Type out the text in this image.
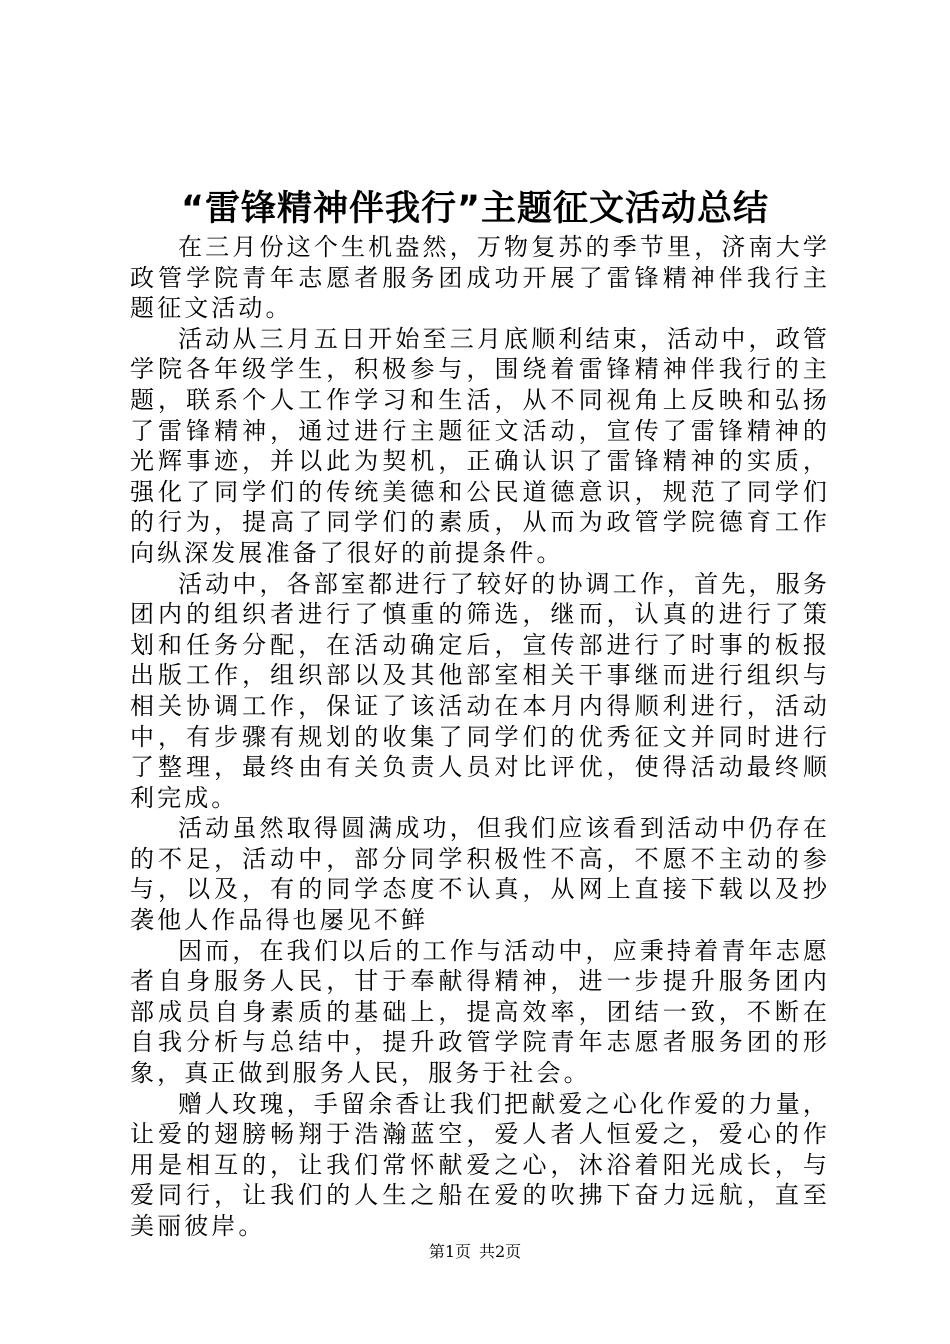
“雷锋精神伴我行”主题征文活动总结

在三月份这个生机盎然，万物复苏的季节里，济南大学政管学院青年志愿者服务团成功开展了雷锋精神伴我行主题征文活动。

活动从三月五日开始至三月底顺利结束，活动中，政管学院各年级学生，积极参与，围绕着雷锋精神伴我行的主题，联系个人工作学习和生活，从不同视角上反映和弘扬了雷锋精神，通过进行主题征文活动，宣传了雷锋精神的光辉事迹，并以此为契机，正确认识了雷锋精神的实质，强化了同学们的传统美德和公民道德意识，规范了同学们的行为，提高了同学们的素质，从而为政管学院德育工作向纵深发展准备了很好的前提条件。

活动中，各部室都进行了较好的协调工作，首先，服务团内的组织者进行了慎重的筛选，继而，认真的进行了策划和任务分配，在活动确定后，宣传部进行了时事的板报出版工作，组织部以及其他部室相关干事继而进行组织与相关协调工作，保证了该活动在本月内得顺利进行，活动中，有步骤有规划的收集了同学们的优秀征文并同时进行了整理，最终由有关负责人员对比评优，使得活动最终顺利完成。

活动虽然取得圆满成功，但我们应该看到活动中仍存在的不足，活动中，部分同学积极性不高，不愿不主动的参与，以及，有的同学态度不认真，从网上直接下载以及抄袭他人作品得也屡见不鲜

因而，在我们以后的工作与活动中，应秉持着青年志愿者自身服务人民，甘于奉献得精神，进一步提升服务团内部成员自身素质的基础上，提高效率，团结一致，不断在自我分析与总结中，提升政管学院青年志愿者服务团的形象，真正做到服务人民，服务于社会。

赠人玫瑰，手留余香让我们把献爱之心化作爱的力量，让爱的翅膀畅翔于浩瀚蓝空，爱人者人恒爱之，爱心的作用是相互的，让我们常怀献爱之心，沐浴着阳光成长，与爱同行，让我们的人生之船在爱的吹拂下奋力远航，直至美丽彼岸。

第1页 共2页
